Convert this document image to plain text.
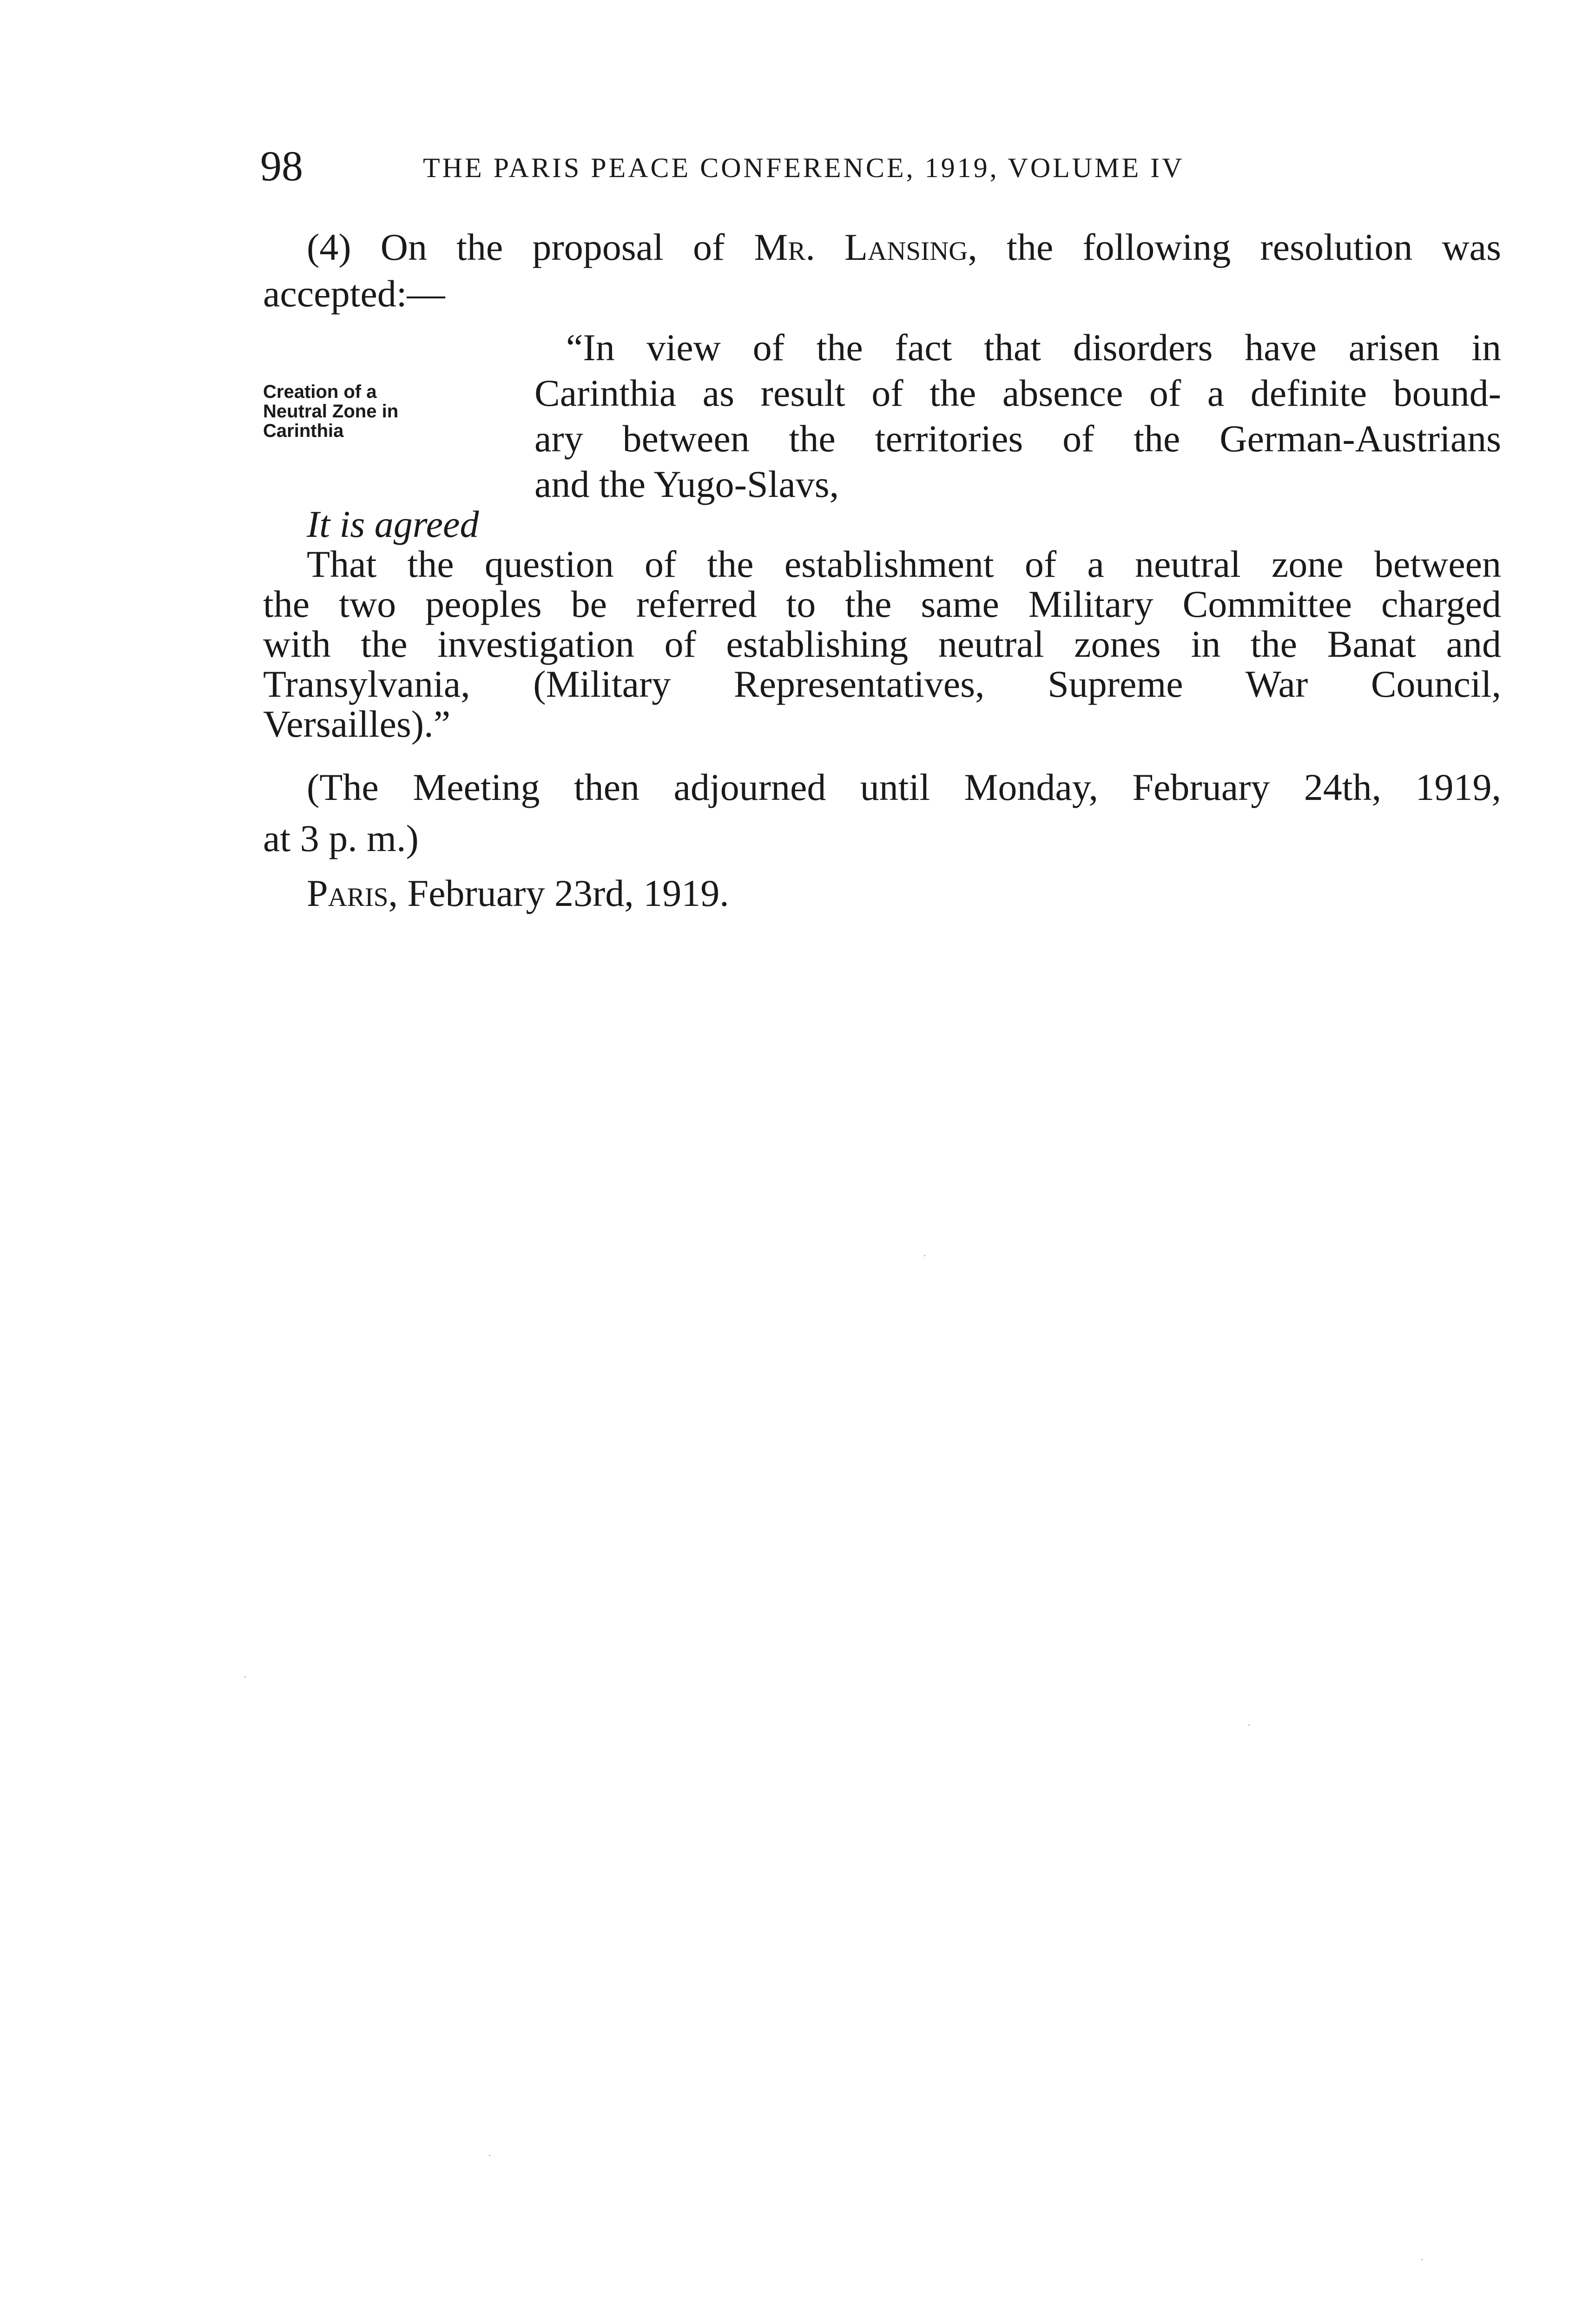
98	THE PARIS PEACE CONFERENCE, 1919, VOLUME IV
(4) On the proposal of Mr. Lansing, the following resolution was
accepted:—
Creation of a
Neutral Zone in
Carinthia
“In view of the fact that disorders have arisen in
Carinthia as result of the absence of a definite bound-
ary between the territories of the German-Austrians
and the Yugo-Slavs,
It is agreed
That the question of the establishment of a neutral zone between
the two peoples be referred to the same Military Committee charged
with the investigation of establishing neutral zones in the Banat and
Transylvania, (Military Representatives, Supreme War Council,
Versailles).”
(The Meeting then adjourned until Monday, February 24th, 1919,
at 3 p. m.)
Paris, February 23rd, 1919.
